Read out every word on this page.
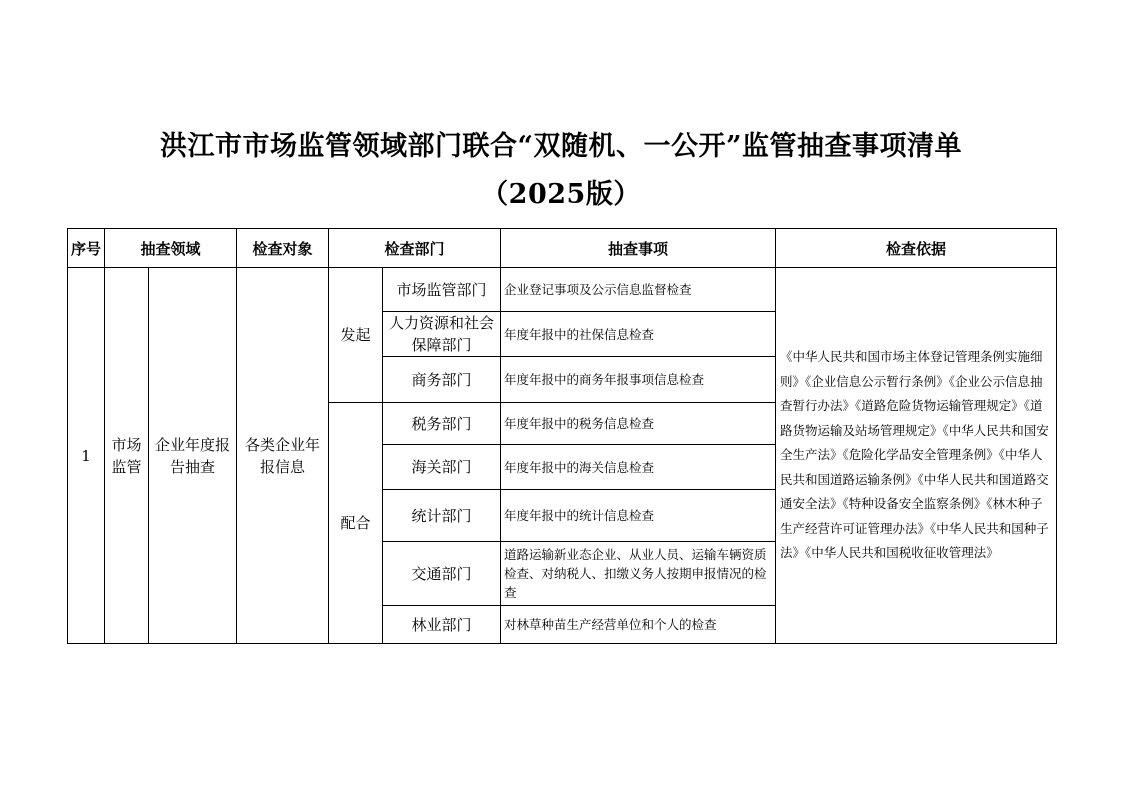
洪江市市场监管领域部门联合“双随机、一公开”监管抽查事项清单
（2025版）
序号	抽查领域		检查对象	检查部门		抽查事项	检查依据
1	市场监管	企业年度报告抽查	各类企业年报信息	发起	市场监管部门	企业登记事项及公示信息监督检查	《中华人民共和国市场主体登记管理条例实施细则》《企业信息公示暂行条例》《企业公示信息抽查暂行办法》《道路危险货物运输管理规定》《道路货物运输及站场管理规定》《中华人民共和国安全生产法》《危险化学品安全管理条例》《中华人民共和国道路运输条例》《中华人民共和国道路交通安全法》《特种设备安全监察条例》《林木种子生产经营许可证管理办法》《中华人民共和国种子法》《中华人民共和国税收征收管理法》
					人力资源和社会保障部门	年度年报中的社保信息检查	
					商务部门	年度年报中的商务年报事项信息检查	
				配合	税务部门	年度年报中的税务信息检查	
					海关部门	年度年报中的海关信息检查	
					统计部门	年度年报中的统计信息检查	
					交通部门	道路运输新业态企业、从业人员、运输车辆资质检查、对纳税人、扣缴义务人按期申报情况的检查	
					林业部门	对林草种苗生产经营单位和个人的检查	
